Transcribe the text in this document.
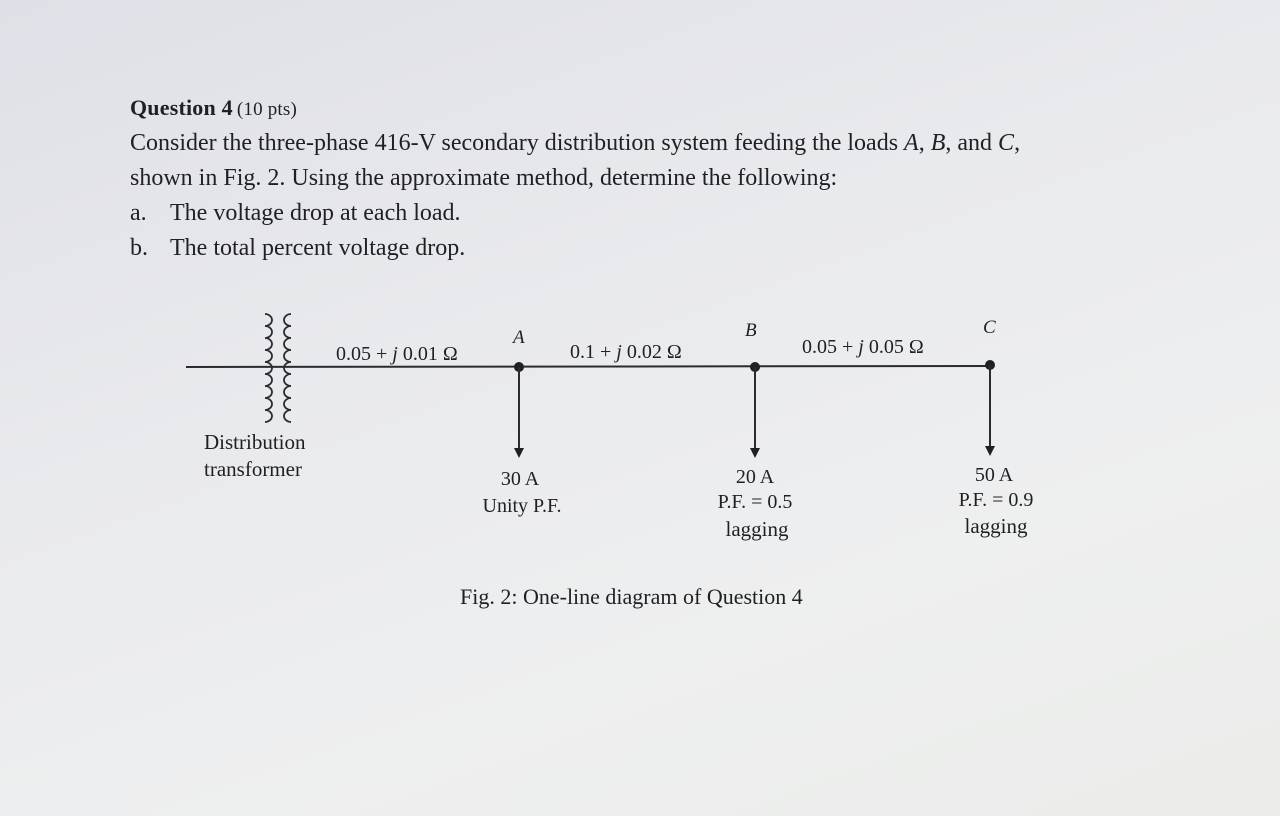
Question 4 (10 pts)
Consider the three-phase 416-V secondary distribution system feeding the loads A, B, and C,
shown in Fig. 2. Using the approximate method, determine the following:
a. The voltage drop at each load.
b. The total percent voltage drop.
A	B	C
0.05 + j 0.01 Ω	0.1 + j 0.02 Ω	0.05 + j 0.05 Ω
Distribution
transformer	30 A
Unity P.F.
20 A
P.F. = 0.5
lagging
50 A
P.F. = 0.9
lagging
Fig. 2: One-line diagram of Question 4
